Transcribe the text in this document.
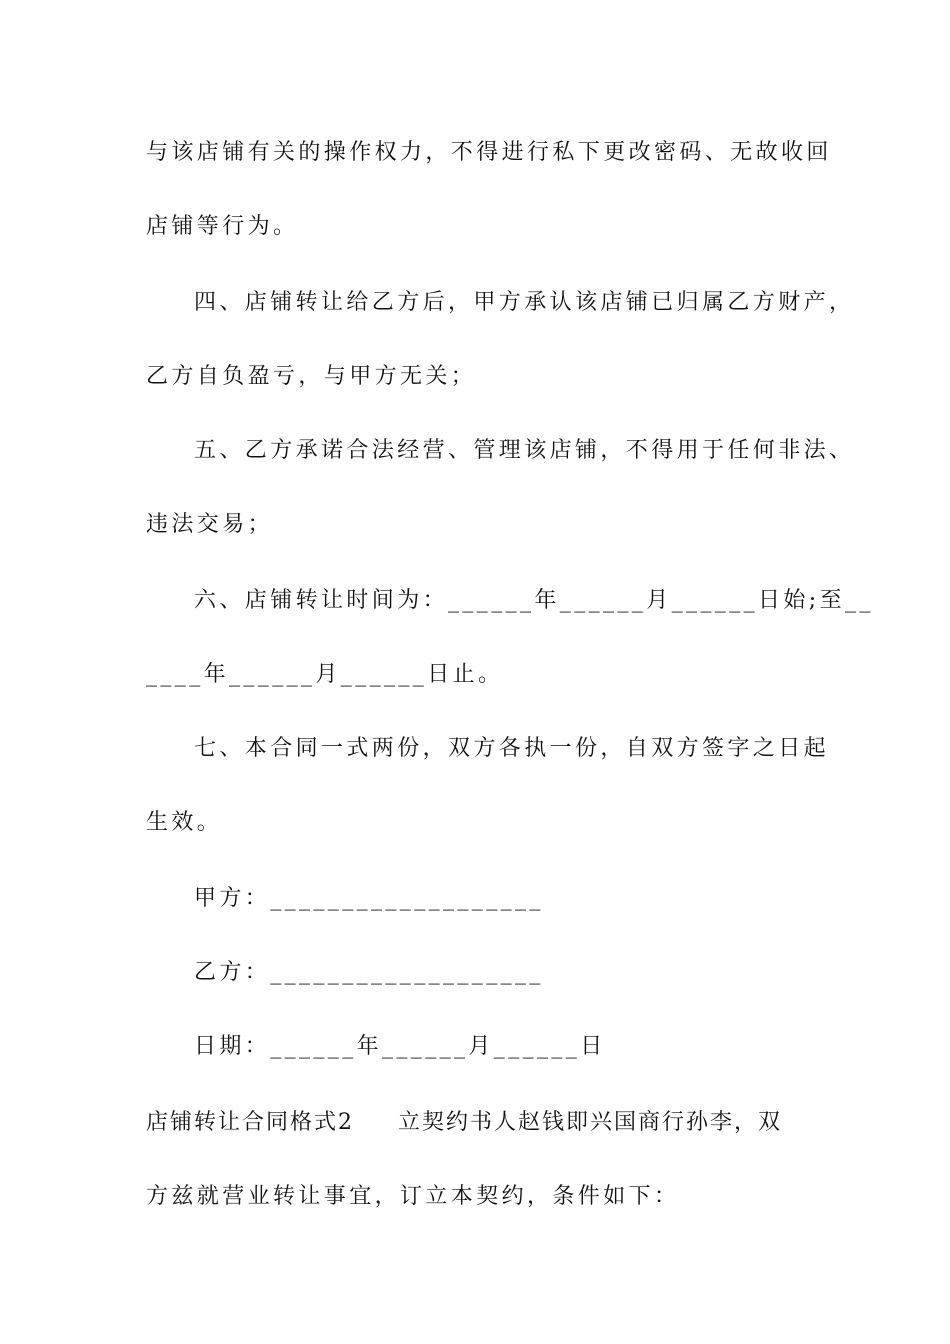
与该店铺有关的操作权力，不得进行私下更改密码、无故收回
店铺等行为。
四、店铺转让给乙方后，甲方承认该店铺已归属乙方财产，
乙方自负盈亏，与甲方无关；
五、乙方承诺合法经营、管理该店铺，不得用于任何非法、
违法交易；
六、店铺转让时间为：______年______月______日始;至__
____年______月______日止。
七、本合同一式两份，双方各执一份，自双方签字之日起
生效。
甲方：___________________
乙方：___________________
日期：______年______月______日
店铺转让合同格式2 立契约书人赵钱即兴国商行孙李，双
方兹就营业转让事宜，订立本契约，条件如下：
